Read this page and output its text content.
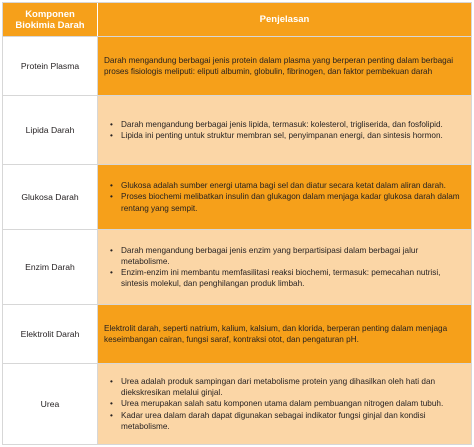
Komponen
Biokimia Darah	Penjelasan
Protein Plasma

Darah mengandung berbagai jenis protein dalam plasma yang berperan penting dalam berbagai proses fisiologis meliputi: eliputi albumin, globulin, fibrinogen, dan faktor pembekuan darah

Lipida Darah
• Darah mengandung berbagai jenis lipida, termasuk: kolesterol, trigliserida, dan fosfolipid.
• Lipida ini penting untuk struktur membran sel, penyimpanan energi, dan sintesis hormon.
Glukosa Darah
• Glukosa adalah sumber energi utama bagi sel dan diatur secara ketat dalam aliran darah.
• Proses biochemi melibatkan insulin dan glukagon dalam menjaga kadar glukosa darah dalam rentang yang sempit.
Enzim Darah
• Darah mengandung berbagai jenis enzim yang berpartisipasi dalam berbagai jalur metabolisme.
• Enzim-enzim ini membantu memfasilitasi reaksi biochemi, termasuk: pemecahan nutrisi, sintesis molekul, dan penghilangan produk limbah.
Elektrolit Darah

Elektrolit darah, seperti natrium, kalium, kalsium, dan klorida, berperan penting dalam menjaga keseimbangan cairan, fungsi saraf, kontraksi otot, dan pengaturan pH.

Urea
• Urea adalah produk sampingan dari metabolisme protein yang dihasilkan oleh hati dan diekskresikan melalui ginjal.
• Urea merupakan salah satu komponen utama dalam pembuangan nitrogen dalam tubuh.
• Kadar urea dalam darah dapat digunakan sebagai indikator fungsi ginjal dan kondisi metabolisme.
